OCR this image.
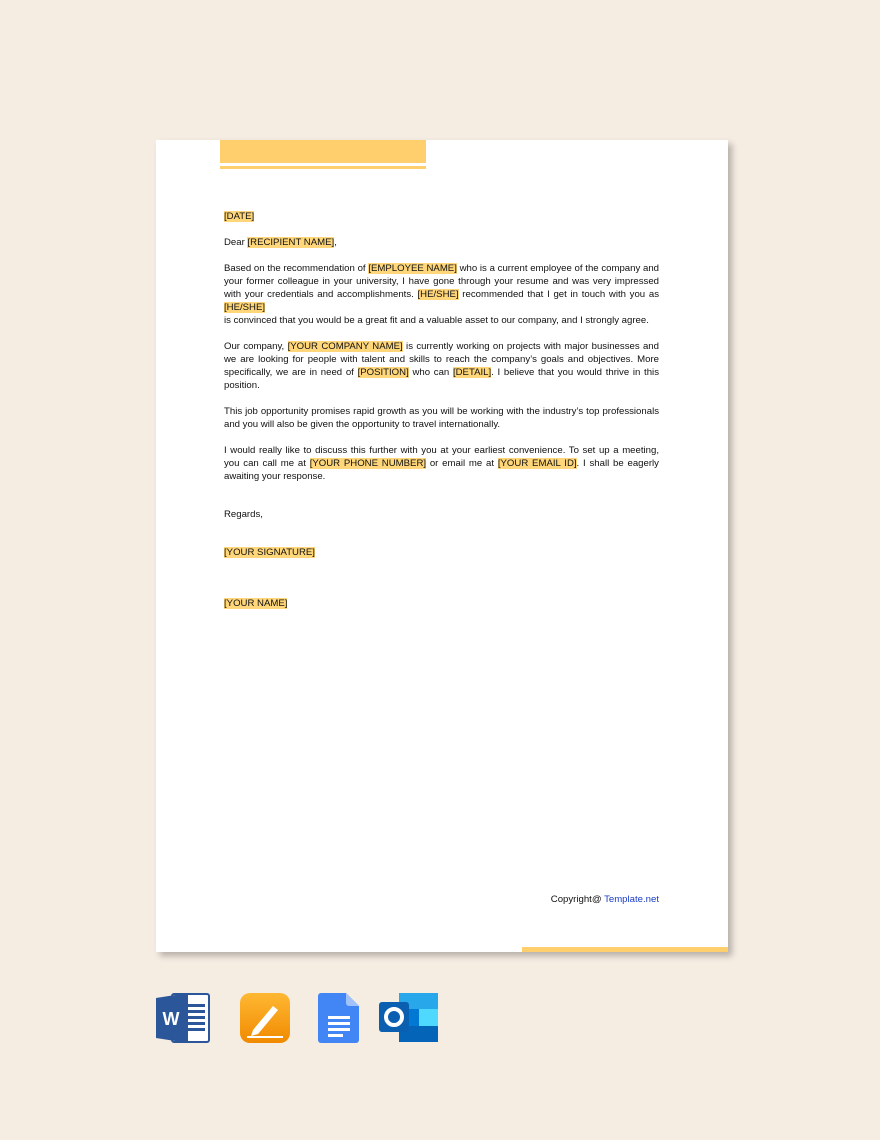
[DATE]

Dear [RECIPIENT NAME],

Based on the recommendation of [EMPLOYEE NAME] who is a current employee of the company and your former colleague in your university, I have gone through your resume and was very impressed with your credentials and accomplishments. [HE/SHE] recommended that I get in touch with you as [HE/SHE]

is convinced that you would be a great fit and a valuable asset to our company, and I strongly agree.

Our company, [YOUR COMPANY NAME] is currently working on projects with major businesses and we are looking for people with talent and skills to reach the company’s goals and objectives. More specifically, we are in need of [POSITION] who can [DETAIL]. I believe that you would thrive in this position.

This job opportunity promises rapid growth as you will be working with the industry’s top professionals and you will also be given the opportunity to travel internationally.

I would really like to discuss this further with you at your earliest convenience. To set up a meeting, you can call me at [YOUR PHONE NUMBER] or email me at [YOUR EMAIL ID]. I shall be eagerly awaiting your response.

Regards,

[YOUR SIGNATURE]

[YOUR NAME]

Copyright@ Template.net
W
